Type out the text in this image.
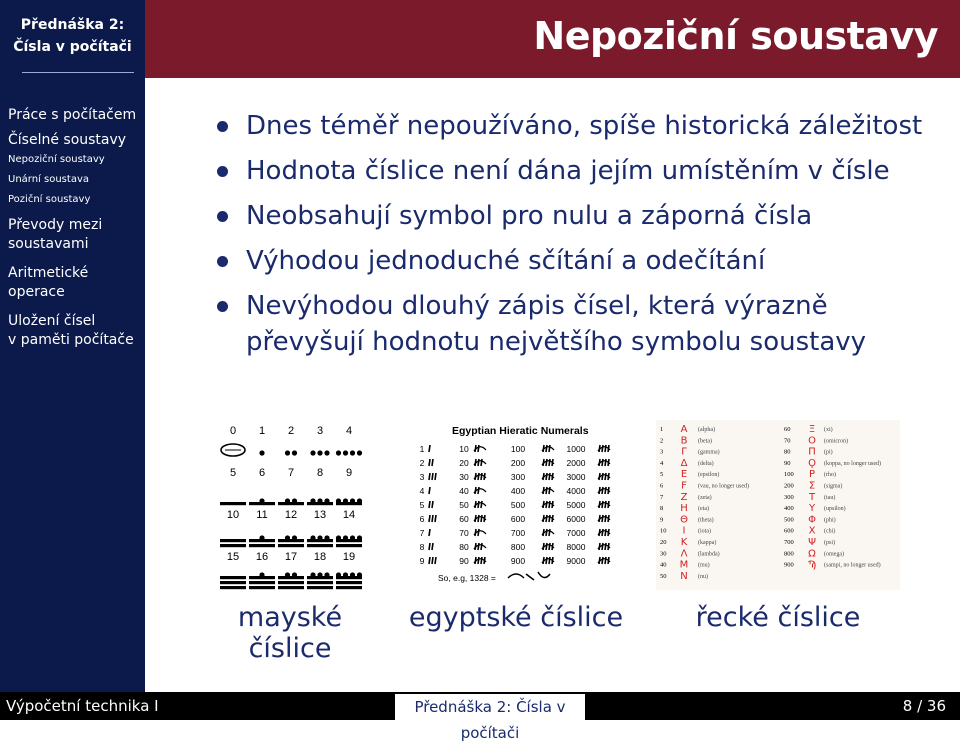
Přednáška 2:
Čísla v počítači
Práce s počítačem
Číselné soustavy
Nepoziční soustavy
Unární soustava
Poziční soustavy
Převody mezi
soustavami
Aritmetické operace
Uložení čísel
v paměti počítače
Nepoziční soustavy
Dnes téměř nepoužíváno, spíše historická záležitost
Hodnota číslice není dána jejím umístěním v čísle
Neobsahují symbol pro nulu a záporná čísla
Výhodou jednoduché sčítání a odečítání
Nevýhodou dlouhý zápis čísel, která výrazně převyšují hodnotu největšího symbolu soustavy
0 1 2 3 4
5 6 7 8 9
10 11 12 13 14
15 16 17 18 19
Egyptian Hieratic Numerals
1
2
3
4
5
6
7
8
9
10
20
30
40
50
60
70
80
90
100
200
300
400
500
600
700
800
900
1000
2000
3000
4000
5000
6000
7000
8000
9000
So, e.g, 1328 =
1 Α (alpha)
2 Β (beta)
3 Γ (gamma)
4 Δ (delta)
5 Ε (epsilon)
6 Ϝ (vau, no longer used)
7 Ζ (zeta)
8 Η (eta)
9 Θ (theta)
10 Ι (iota)
20 Κ (kappa)
30 Λ (lambda)
40 Μ (mu)
50 Ν (nu)
60 Ξ (xi)
70 Ο (omicron)
80 Π (pi)
90 Ϙ (koppa, no longer used)
100 Ρ (rho)
200 Σ (sigma)
300 Τ (tau)
400 Υ (upsilon)
500 Φ (phi)
600 Χ (chi)
700 Ψ (psi)
800 Ω (omega)
900 Ϡ (sampi, no longer used)
mayské číslice
egyptské číslice	řecké číslice
Výpočetní technika I	Přednáška 2: Čísla v počítači
8 / 36
